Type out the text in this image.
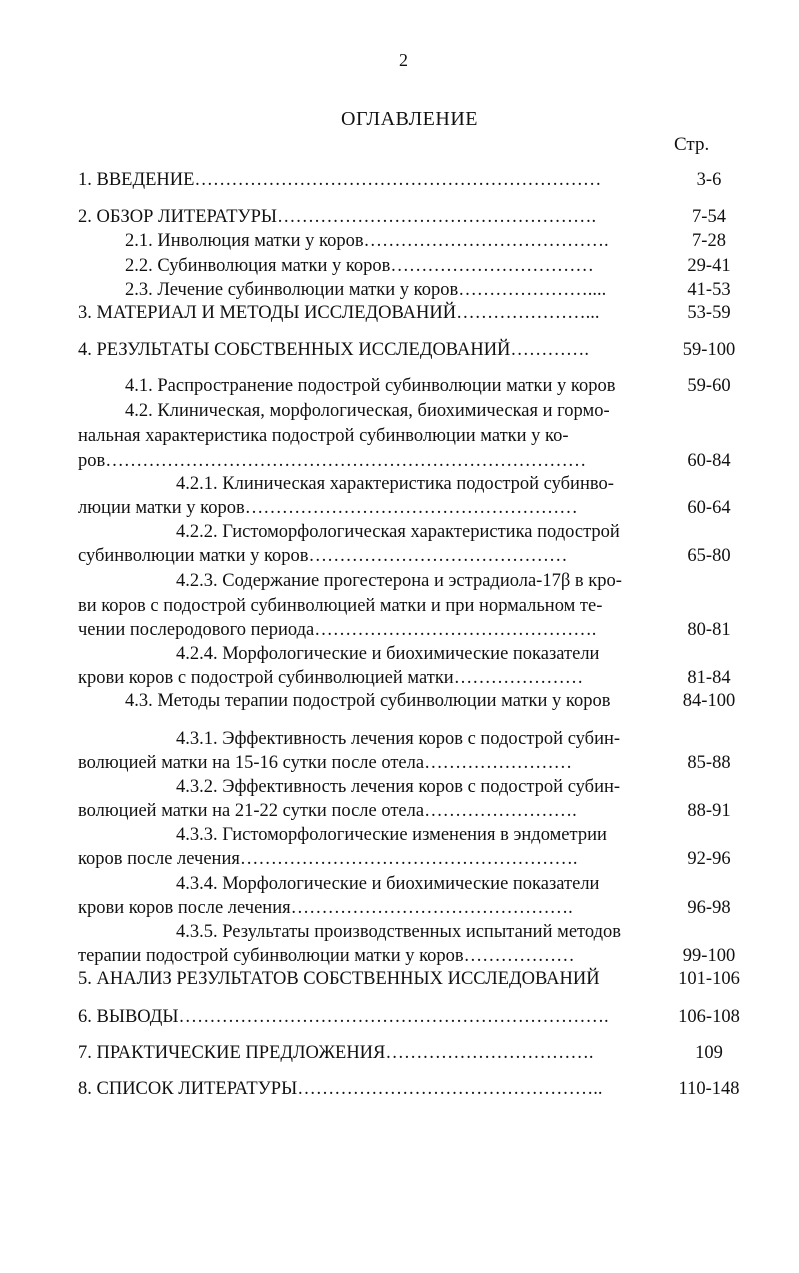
2
ОГЛАВЛЕНИЕ
Стр.
1. ВВЕДЕНИЕ…………………………………………………………
2. ОБЗОР ЛИТЕРАТУРЫ…………………………………………….
2.1. Инволюция матки у коров………………………………….
2.2. Субинволюция матки у коров……………………………
2.3. Лечение субинволюции матки у коров…………………....
3. МАТЕРИАЛ И МЕТОДЫ ИССЛЕДОВАНИЙ…………………...
4. РЕЗУЛЬТАТЫ СОБСТВЕННЫХ ИССЛЕДОВАНИЙ………….
4.1. Распространение подострой субинволюции матки у коров
4.2. Клиническая, морфологическая, биохимическая и гормо-
нальная характеристика подострой субинволюции матки у ко-
ров……………………………………………………………………
4.2.1. Клиническая характеристика подострой субинво-
люции матки у коров………………………………………………
4.2.2. Гистоморфологическая характеристика подострой
субинволюции матки у коров……………………………………
4.2.3. Содержание прогестерона и эстрадиола-17β в кро-
ви коров с подострой субинволюцией матки и при нормальном те-
чении послеродового периода……………………………………….
4.2.4. Морфологические и биохимические показатели
крови коров с подострой субинволюцией матки…………………
4.3. Методы терапии подострой субинволюции матки у коров
4.3.1. Эффективность лечения коров с подострой субин-
волюцией матки на 15-16 сутки после отела……………………
4.3.2. Эффективность лечения коров с подострой субин-
волюцией матки на 21-22 сутки после отела…………………….
4.3.3. Гистоморфологические изменения в эндометрии
коров после лечения……………………………………………….
4.3.4. Морфологические и биохимические показатели
крови коров после лечения……………………………………….
4.3.5. Результаты производственных испытаний методов
терапии подострой субинволюции матки у коров………………
5. АНАЛИЗ РЕЗУЛЬТАТОВ СОБСТВЕННЫХ ИССЛЕДОВАНИЙ
6. ВЫВОДЫ…………………………………………………………….
7. ПРАКТИЧЕСКИЕ ПРЕДЛОЖЕНИЯ…………………………….
8. СПИСОК ЛИТЕРАТУРЫ…………………………………………..
3-6
7-54
7-28
29-41
41-53
53-59
59-100
59-60
60-84
60-64
65-80
80-81
81-84
84-100
85-88
88-91
92-96
96-98
99-100
101-106
106-108
109
110-148
